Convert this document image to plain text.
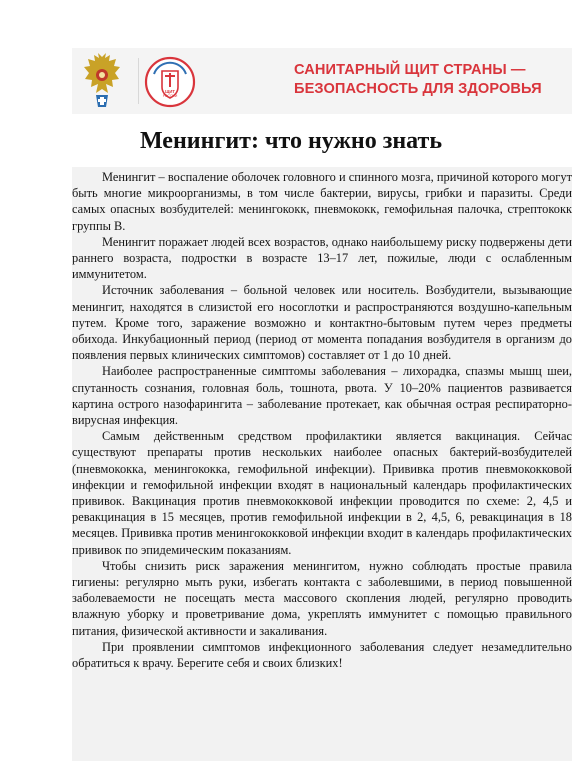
ЩИТ
РОССИИ
САНИТАРНЫЙ ЩИТ СТРАНЫ —
БЕЗОПАСНОСТЬ ДЛЯ ЗДОРОВЬЯ
Менингит: что нужно знать

Менингит – воспаление оболочек головного и спинного мозга, причиной которого могут быть многие микроорганизмы, в том числе бактерии, вирусы, грибки и паразиты. Среди самых опасных возбудителей: менингококк, пневмококк, гемофильная палочка, стрептококк группы В.

Менингит поражает людей всех возрастов, однако наибольшему риску подвержены дети раннего возраста, подростки в возрасте 13–17 лет, пожилые, люди с ослабленным иммунитетом.

Источник заболевания – больной человек или носитель. Возбудители, вызывающие менингит, находятся в слизистой его носоглотки и распространяются воздушно-капельным путем. Кроме того, заражение возможно и контактно-бытовым путем через предметы обихода. Инкубационный период (период от момента попадания возбудителя в организм до появления первых клинических симптомов) составляет от 1 до 10 дней.

Наиболее распространенные симптомы заболевания – лихорадка, спазмы мышц шеи, спутанность сознания, головная боль, тошнота, рвота. У 10–20% пациентов развивается картина острого назофарингита – заболевание протекает, как обычная острая респираторно-вирусная инфекция.

Самым действенным средством профилактики является вакцинация. Сейчас существуют препараты против нескольких наиболее опасных бактерий-возбудителей (пневмококка, менингококка, гемофильной инфекции). Прививка против пневмококковой инфекции и гемофильной инфекции входят в национальный календарь профилактических прививок. Вакцинация против пневмококковой инфекции проводится по схеме: 2, 4,5 и ревакцинация в 15 месяцев, против гемофильной инфекции в 2, 4,5, 6, ревакцинация в 18 месяцев. Прививка против менингококковой инфекции входит в календарь профилактических прививок по эпидемическим показаниям.

Чтобы снизить риск заражения менингитом, нужно соблюдать простые правила гигиены: регулярно мыть руки, избегать контакта с заболевшими, в период повышенной заболеваемости не посещать места массового скопления людей, регулярно проводить влажную уборку и проветривание дома, укреплять иммунитет с помощью правильного питания, физической активности и закаливания.

При проявлении симптомов инфекционного заболевания следует незамедлительно обратиться к врачу. Берегите себя и своих близких!
